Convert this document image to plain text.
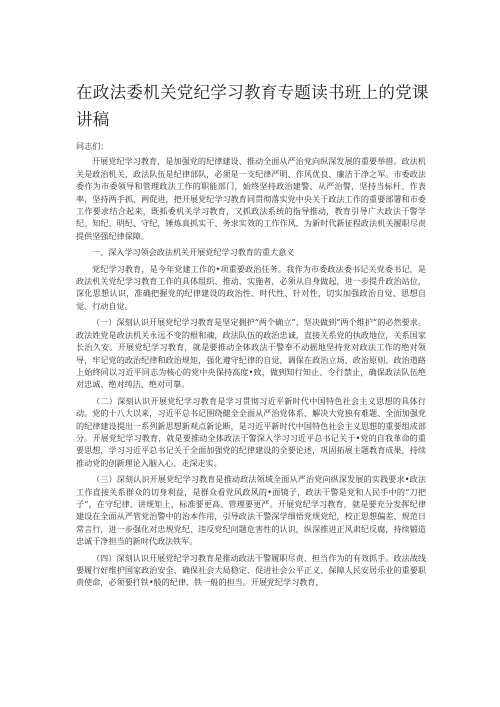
在政法委机关党纪学习教育专题读书班上的党课讲稿

同志们：

开展党纪学习教育，是加强党的纪律建设、推动全面从严治党向纵深发展的重要举措。政法机关是政治机关，政法队伍是纪律部队，必须是一支纪律严明、作风优良、廉洁干净之军。市委政法委作为市委领导和管理政法工作的职能部门，始终坚持政治建警、从严治警，坚持当标杆、作表率，坚持两手抓、两促进，把开展党纪学习教育同贯彻落实党中央关于政法工作的重要部署和市委工作要求结合起来，既抓委机关学习教育，又抓政法系统的指导推动，教育引导广大政法干警学纪、知纪、明纪、守纪，锤炼真抓实干、务求实效的工作作风，为新时代新征程政法机关履职尽责提供坚强纪律保障。

一、深入学习领会政法机关开展党纪学习教育的重大意义

党纪学习教育，是今年党建工作的•项重要政治任务。我作为市委政法委书记关党委书记，是政法机关党纪学习教育工作的具体组织、推动、实施者，必须从自身做起，进一步提升政治站位，深化思想认识，准确把握党的纪律建设的政治性、时代性、针对性，切实加强政治自觉、思想自觉、行动自觉。

（一）深刻认识开展党纪学习教育是坚定拥护“两个确立”、坚决做到“两个维护”的必然要求。政法姓党是政法机关永远不变的根和魂，政法队伍的政治忠诚，直接关系党的执政地位，关系国家长治久安。开展党纪学习教育，就是要推动全体政法干警奉不动摇地坚持党对政法工作的绝对领导，牢记党的政治纪律和政治规矩，强化遵守纪律的自觉，调保在政治立场、政治原则、政治道路上始终同以习近平同志为核心的党中央保持高度•致，做到知行知止、令行禁止，确保政法队伍绝对忠诚、绝对纯洁、绝对可靠。

（二）深刻认识开展党纪学习教育是学习贯彻习近平新时代中国特色社会主义思想的具体行动。党的十八大以来，习近平总书记围绕健全全面从严治党体系、解决大党独有难题、全面加强党的纪律建设提出一系列新思想新观点新论断，是习近平新时代中国特色社会主义思想的重要组成部分。开展党纪学习教育，就是要推动全体政法干警深入学习习近平总书记关于•党的自我革命的重要思想，学习习近平总书记关于全面加强党的纪律建设的全要论述，巩固拓展主题教育成果，持续推动党的创新理论入脑入心、走深走实。

（三）深刻认识开展党纪学习教育是推动政法领域全面从严治党向纵深发展的实践要求•政法工作直接关系群众的切身利益，是群众看党风政风的•面镜子，政法干警是党和人民手中的“刀把子”，在守纪律、讲规矩上，标准要更高、管理要更严。开展党纪学习教育，就是要充分发挥纪律建设在全面从严管党治警中的治本作用，引导政法干警深学细悟党规党纪，校正思想偏差、规范日常言行，进一步强化对忠规党纪、违反党纪问题危害性的认识，纵深推进正风肃纪反腐，持续锻造忠诚干净担当的新时代政法铁军。

（四）深刻认识开展党纪学习教育是推动政法干警履职尽责、担当作为的有效抓手。政法战线要履行好维护国家政治安全、确保社会大局稳定、促进社会公平正义、保障人民安居乐业的重要职责使命，必须要打铁•般的纪律、铁一般的担当。开展党纪学习教育，
